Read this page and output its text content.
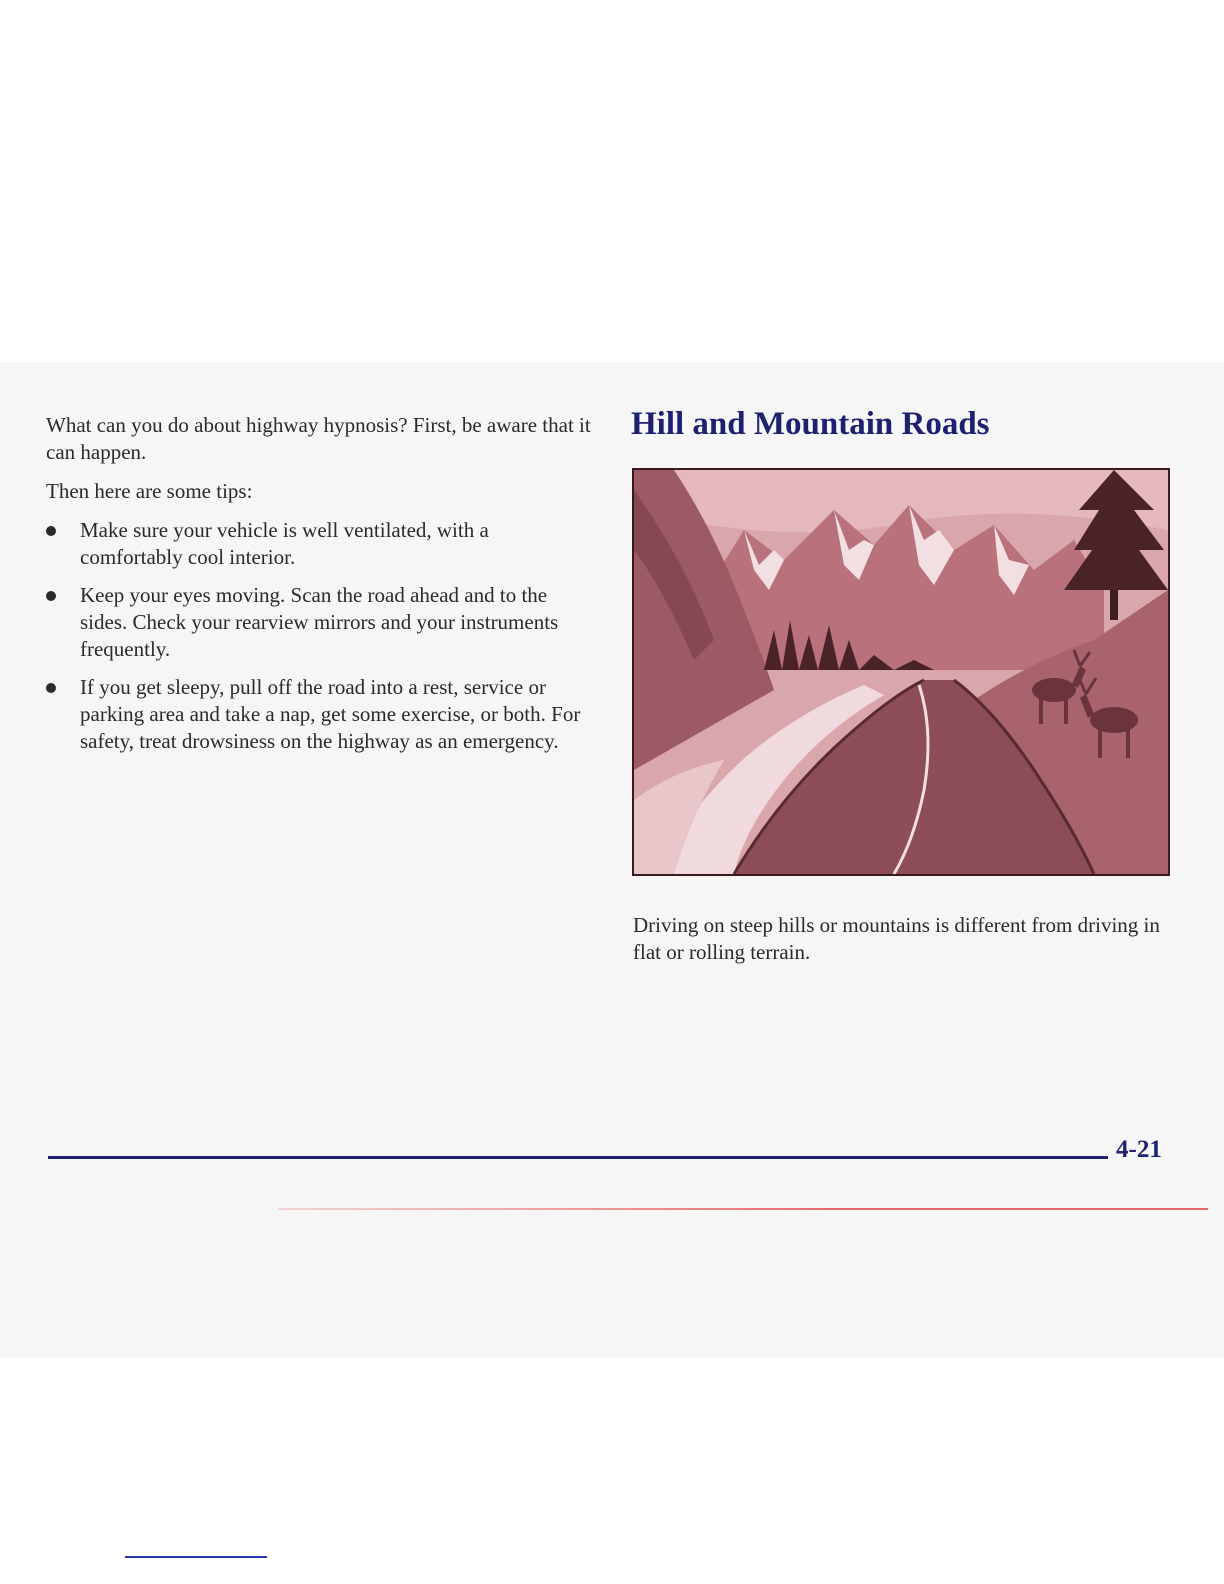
What can you do about highway hypnosis? First, be aware that it can happen.

Then here are some tips:

Make sure your vehicle is well ventilated, with a comfortably cool interior.
Keep your eyes moving. Scan the road ahead and to the sides. Check your rearview mirrors and your instruments frequently.
If you get sleepy, pull off the road into a rest, service or parking area and take a nap, get some exercise, or both. For safety, treat drowsiness on the highway as an emergency.
Hill and Mountain Roads

Driving on steep hills or mountains is different from driving in flat or rolling terrain.

4-21
